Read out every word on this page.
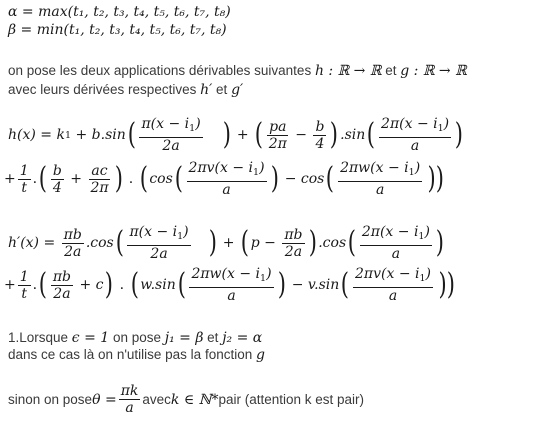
α = max(t₁, t₂, t₃, t₄, t₅, t₆, t₇, t₈)
β = min(t₁, t₂, t₃, t₄, t₅, t₆, t₇, t₈)
on pose les deux applications dérivables suivantes h : ℝ → ℝ et g : ℝ → ℝ
avec leurs dérivées respectives h′ et g′
h(x) = k 1 + b.sin ( $\frac{\pi(x - i_1)}{2a}$ ) + ( $\frac{pa}{2\pi} - \frac{b}{4}$ ) .sin ( $\frac{2\pi(x - i_1)}{a}$ )
+ $\frac{1}{t}$ . ( $\frac{b}{4} + \frac{ac}{2\pi}$ ) . ( cos ( $\frac{2\pi v(x - i_1)}{a}$ ) − cos ( $\frac{2\pi w(x - i_1)}{a}$ ))
$h'(x) = \frac{\pi b}{2a} .\cos$ ( $\frac{\pi(x - i_1)}{2a}$ ) + ( $p - \frac{\pi b}{2a}$ ) .cos ( $\frac{2\pi(x - i_1)}{a}$ )
+ $\frac{1}{t}$ . ( $\frac{\pi b}{2a} + c$ ) . ( w.sin ( $\frac{2\pi w(x - i_1)}{a}$ ) − v.sin ( $\frac{2\pi v(x - i_1)}{a}$ ))
1.Lorsque ϵ = 1 on pose j₁ = β et j₂ = α
dans ce cas là on n'utilise pas la fonction g
sinon on pose $\theta = \frac{\pi k}{a}$ avec k ∈ ℕ* pair (attention k est pair)
